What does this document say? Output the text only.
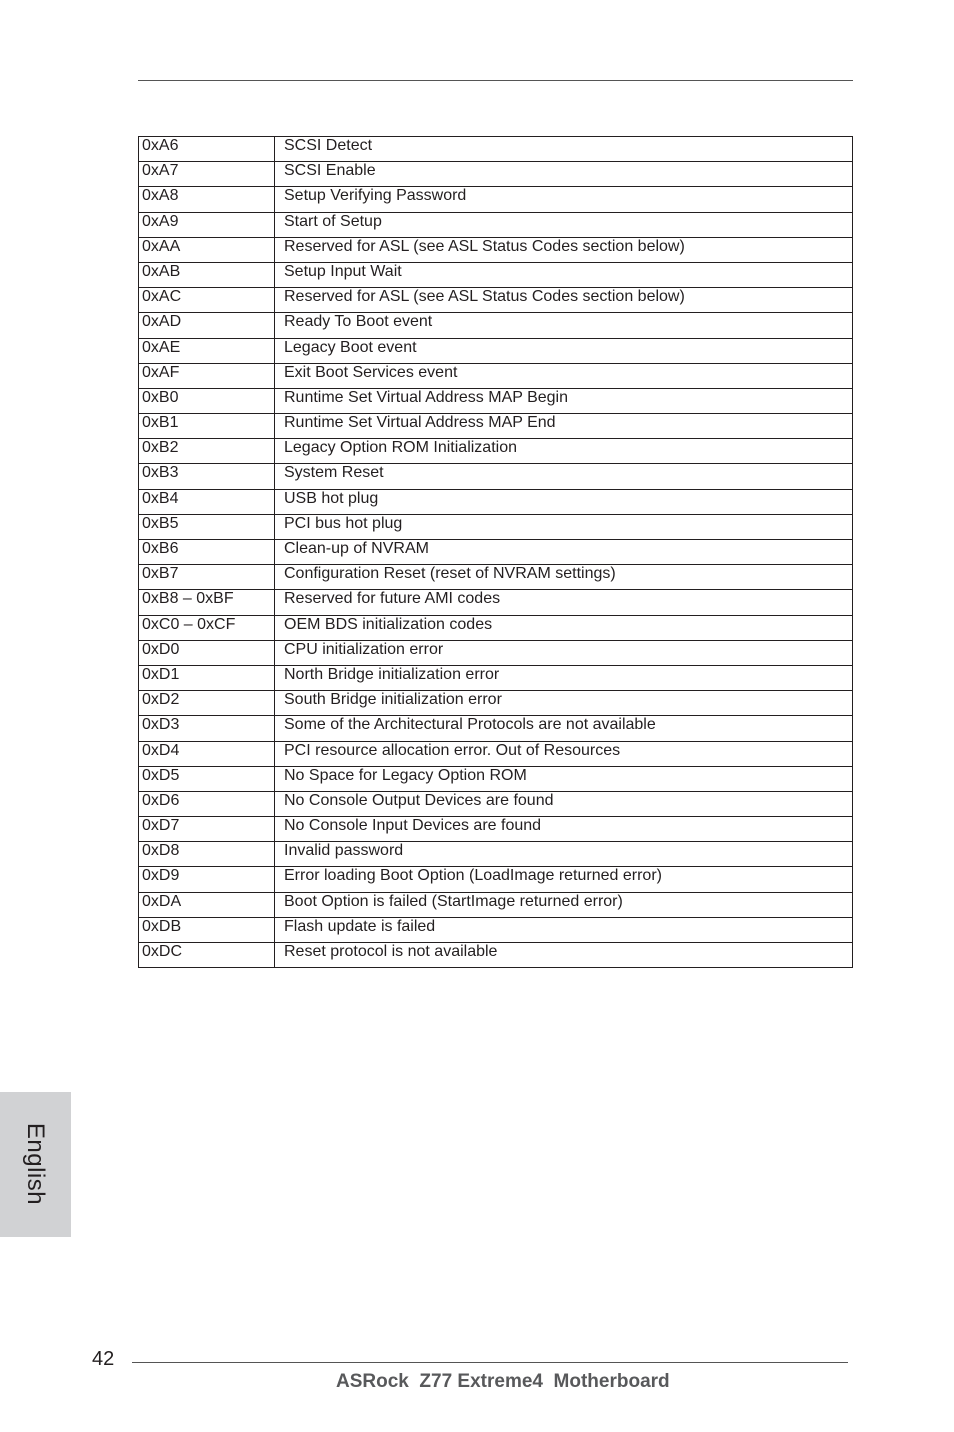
0xA6	SCSI Detect
0xA7	SCSI Enable
0xA8	Setup Verifying Password
0xA9	Start of Setup
0xAA	Reserved for ASL (see ASL Status Codes section below)
0xAB	Setup Input Wait
0xAC	Reserved for ASL (see ASL Status Codes section below)
0xAD	Ready To Boot event
0xAE	Legacy Boot event
0xAF	Exit Boot Services event
0xB0	Runtime Set Virtual Address MAP Begin
0xB1	Runtime Set Virtual Address MAP End
0xB2	Legacy Option ROM Initialization
0xB3	System Reset
0xB4	USB hot plug
0xB5	PCI bus hot plug
0xB6	Clean-up of NVRAM
0xB7	Configuration Reset (reset of NVRAM settings)
0xB8 – 0xBF	Reserved for future AMI codes
0xC0 – 0xCF	OEM BDS initialization codes
0xD0	CPU initialization error
0xD1	North Bridge initialization error
0xD2	South Bridge initialization error
0xD3	Some of the Architectural Protocols are not available
0xD4	PCI resource allocation error. Out of Resources
0xD5	No Space for Legacy Option ROM
0xD6	No Console Output Devices are found
0xD7	No Console Input Devices are found
0xD8	Invalid password
0xD9	Error loading Boot Option (LoadImage returned error)
0xDA	Boot Option is failed (StartImage returned error)
0xDB	Flash update is failed
0xDC	Reset protocol is not available
English
42
ASRock  Z77 Extreme4  Motherboard
